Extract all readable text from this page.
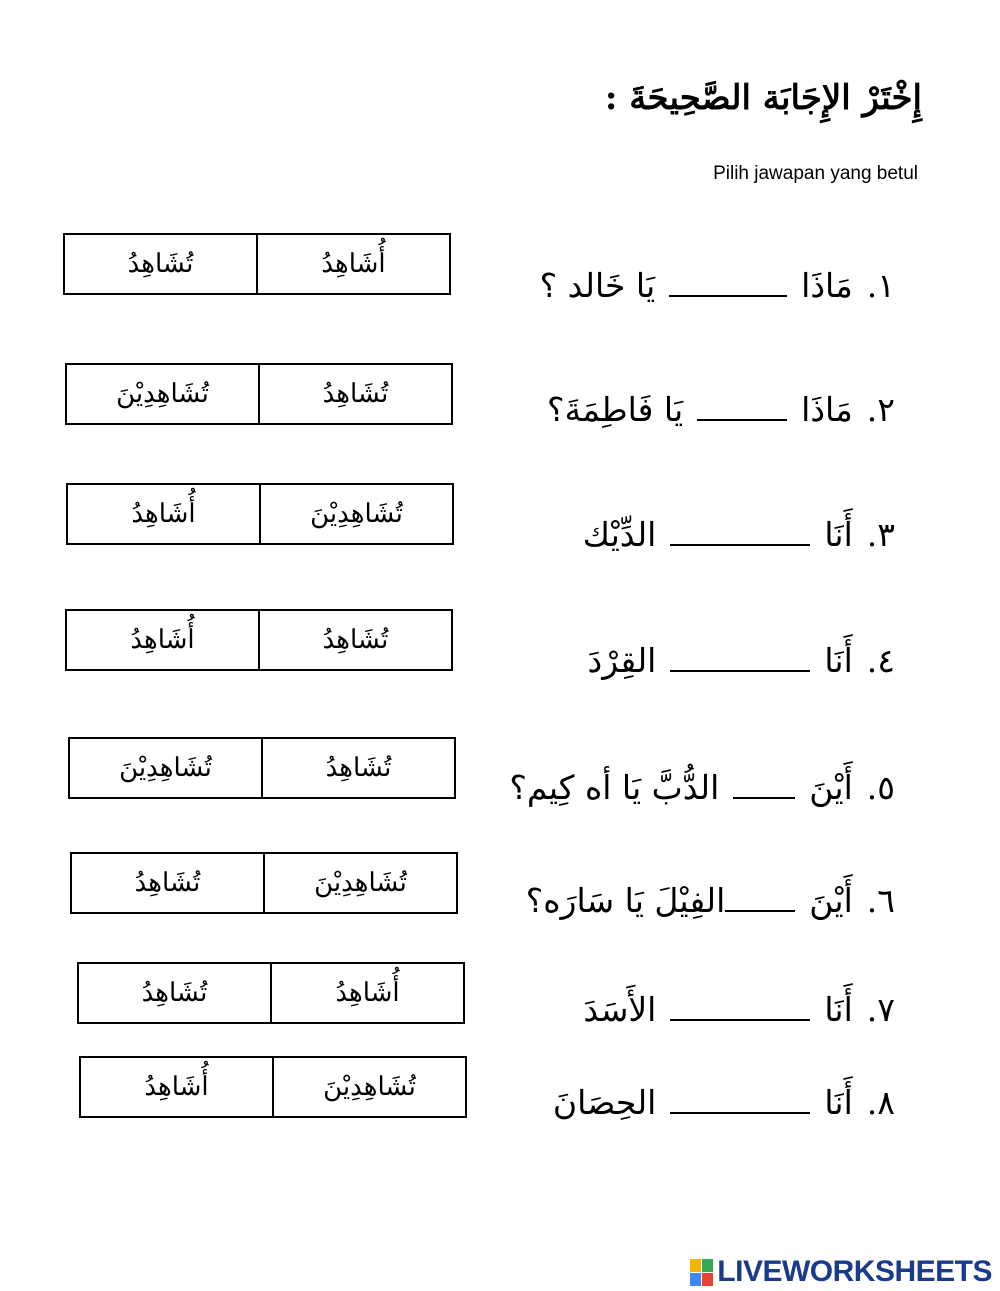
إِخْتَرْ الإِجَابَة الصَّحِيحَةَ :
Pilih jawapan yang betul
تُشَاهِدُ	أُشَاهِدُ
١.
مَاذَا
يَا خَالد ؟
تُشَاهِدِيْنَ	تُشَاهِدُ	٢.
مَاذَا
يَا فَاطِمَةَ؟
أُشَاهِدُ	تُشَاهِدِيْنَ
٣.
أَنَا
الدِّيْك
أُشَاهِدُ	تُشَاهِدُ
٤.
أَنَا
القِرْدَ
تُشَاهِدِيْنَ	تُشَاهِدُ	٥.
أَيْنَ
الدُّبَّ يَا أه كِيم؟
تُشَاهِدُ	تُشَاهِدِيْنَ	٦.
أَيْنَ
الفِيْلَ يَا سَارَه؟
تُشَاهِدُ	أُشَاهِدُ	٧.
أَنَا
الأَسَدَ
أُشَاهِدُ	تُشَاهِدِيْنَ	٨.
أَنَا
الحِصَانَ
LIVEWORKSHEETS
